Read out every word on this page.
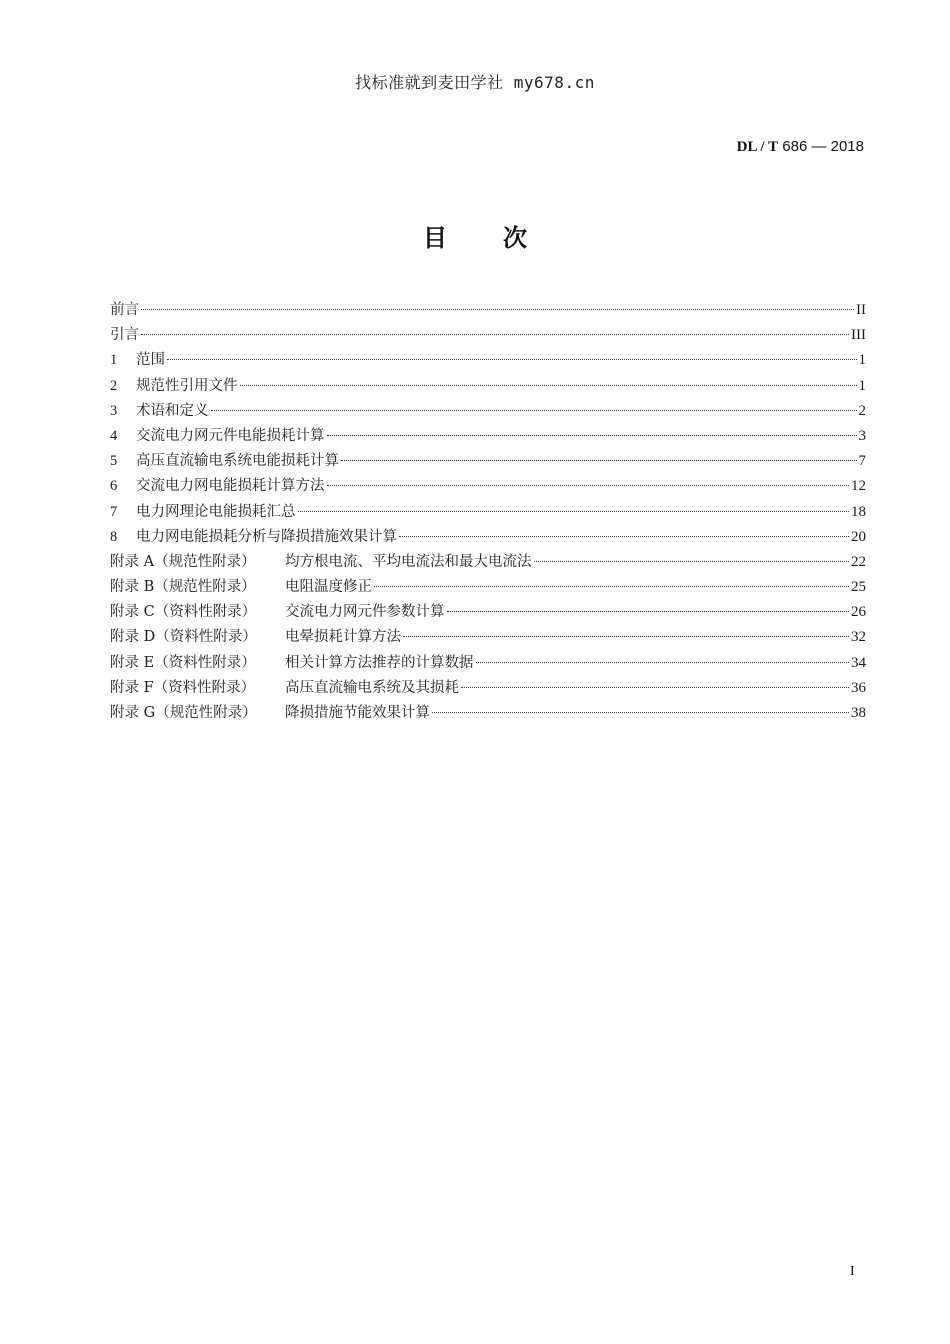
找标准就到麦田学社 my678.cn
DL / T 686 — 2018
目次
前言	II
引言	III
1	范围	1
2	规范性引用文件	1
3	术语和定义	2
4	交流电力网元件电能损耗计算	3
5	高压直流输电系统电能损耗计算	7
6	交流电力网电能损耗计算方法	12
7	电力网理论电能损耗汇总	18
8	电力网电能损耗分析与降损措施效果计算	20
附录 A（规范性附录）	均方根电流、平均电流法和最大电流法	22
附录 B（规范性附录）	电阻温度修正	25
附录 C（资料性附录）	交流电力网元件参数计算	26
附录 D（资料性附录）	电晕损耗计算方法	32
附录 E（资料性附录）	相关计算方法推荐的计算数据	34
附录 F（资料性附录）	高压直流输电系统及其损耗	36
附录 G（规范性附录）	降损措施节能效果计算	38
I
